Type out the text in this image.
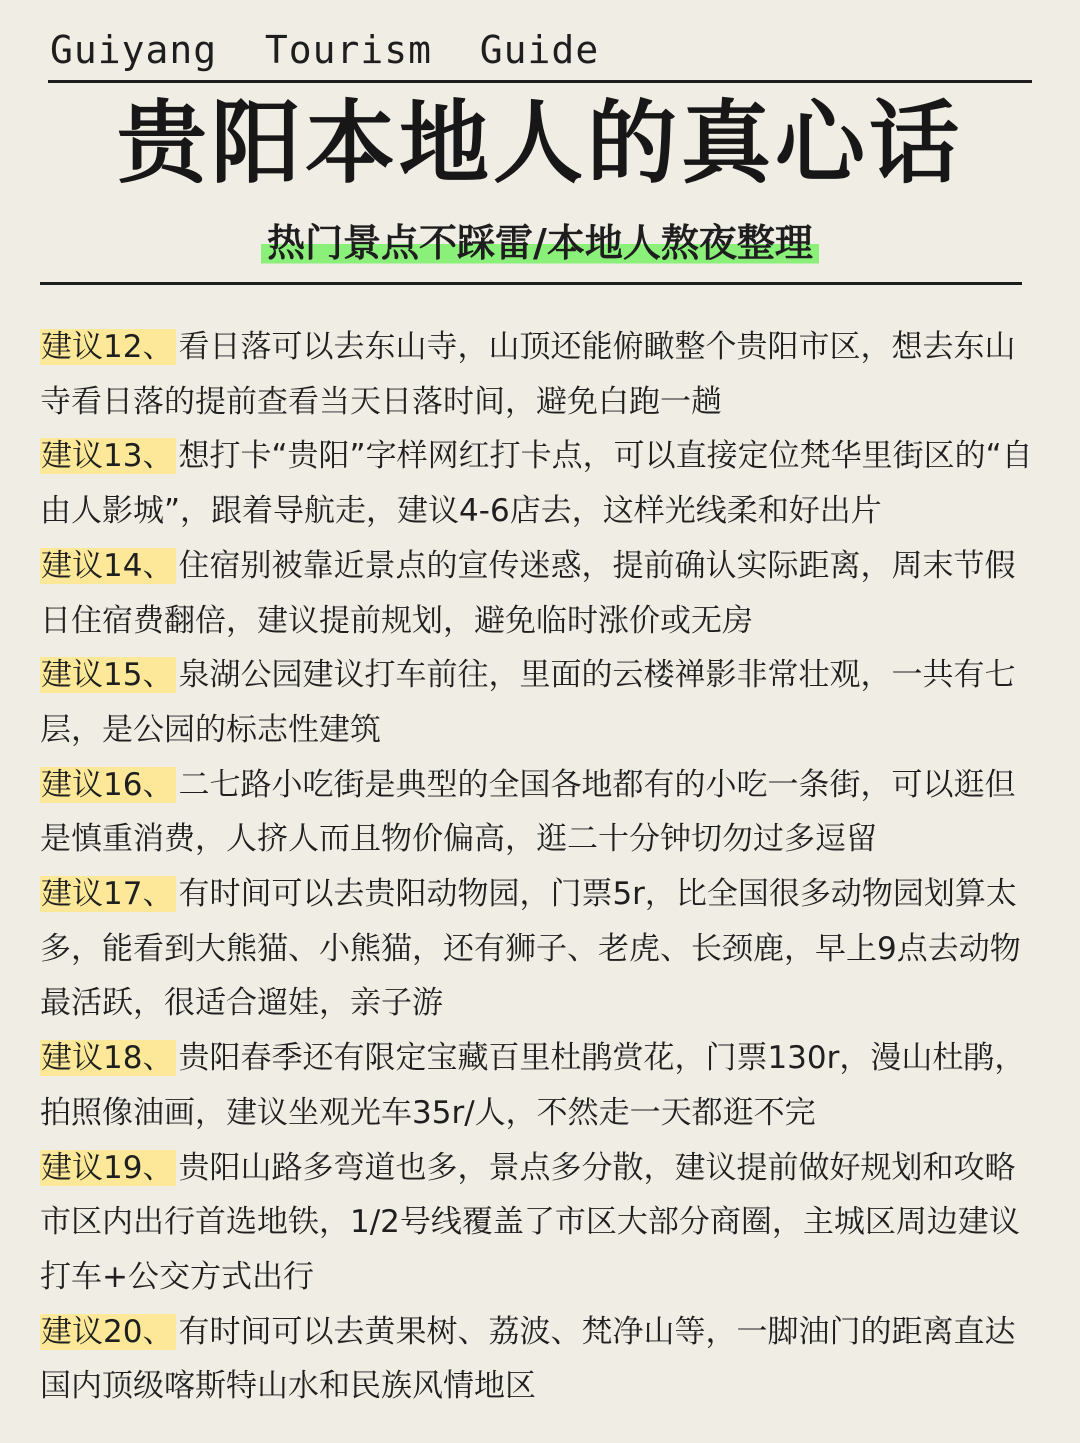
Guiyang  Tourism  Guide
贵阳本地人的真心话
热门景点不踩雷/本地人熬夜整理
建议12、 看日落可以去东山寺，山顶还能俯瞰整个贵阳市区，想去东山寺看日落的提前查看当天日落时间，避免白跑一趟
建议13、 想打卡“贵阳”字样网红打卡点，可以直接定位梵华里街区的“自由人影城”，跟着导航走，建议4-6店去，这样光线柔和好出片
建议14、 住宿别被靠近景点的宣传迷惑，提前确认实际距离，周末节假日住宿费翻倍，建议提前规划，避免临时涨价或无房
建议15、 泉湖公园建议打车前往，里面的云楼禅影非常壮观，一共有七层，是公园的标志性建筑
建议16、 二七路小吃街是典型的全国各地都有的小吃一条街，可以逛但是慎重消费，人挤人而且物价偏高，逛二十分钟切勿过多逗留
建议17、 有时间可以去贵阳动物园，门票5r，比全国很多动物园划算太多，能看到大熊猫、小熊猫，还有狮子、老虎、长颈鹿，早上9点去动物最活跃，很适合遛娃，亲子游
建议18、 贵阳春季还有限定宝藏百里杜鹃赏花，门票130r，漫山杜鹃，拍照像油画，建议坐观光车35r/人，不然走一天都逛不完
建议19、 贵阳山路多弯道也多，景点多分散，建议提前做好规划和攻略市区内出行首选地铁，1/2号线覆盖了市区大部分商圈，主城区周边建议打车+公交方式出行
建议20、 有时间可以去黄果树、荔波、梵净山等，一脚油门的距离直达国内顶级喀斯特山水和民族风情地区
